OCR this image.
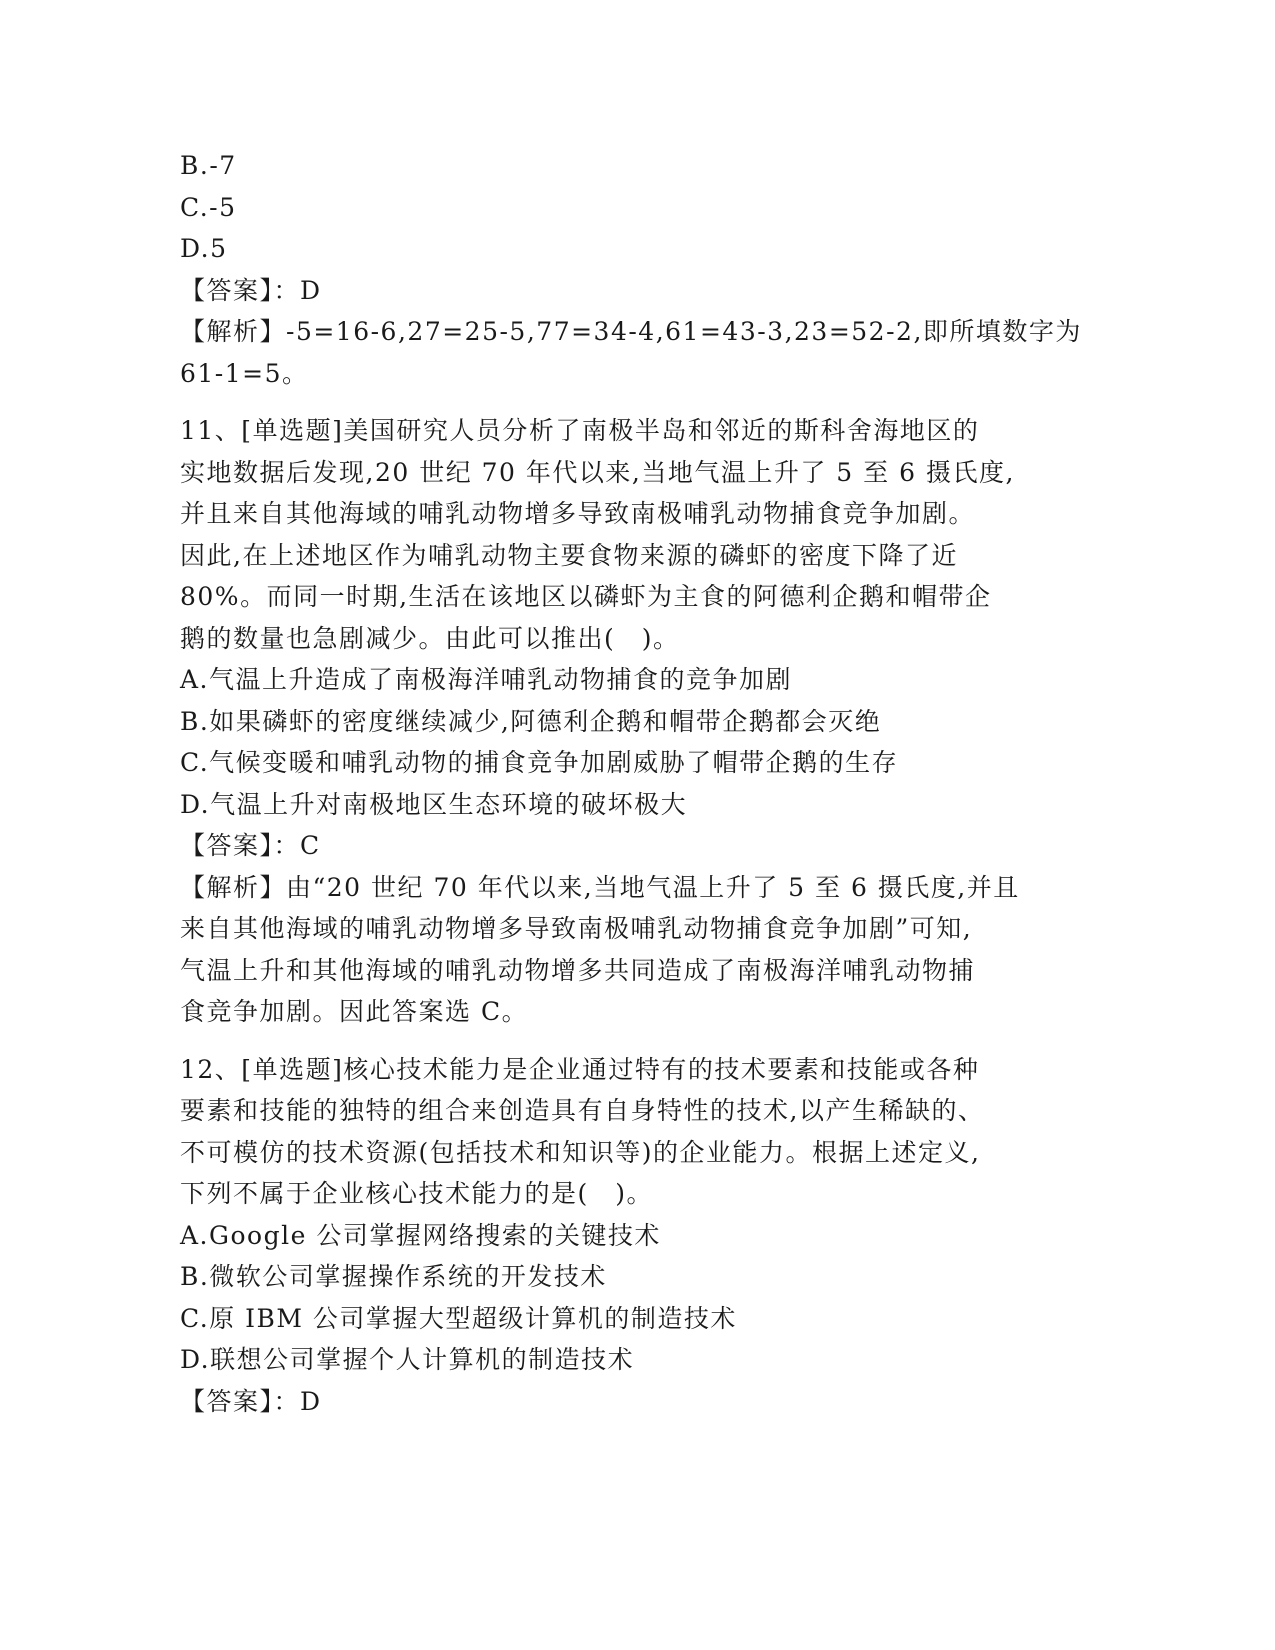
B.-7
C.-5
D.5
【答案】：D
【解析】-5=16-6,27=25-5,77=34-4,61=43-3,23=52-2,即所填数字为
61-1=5。
11、[单选题]美国研究人员分析了南极半岛和邻近的斯科舍海地区的
实地数据后发现,20 世纪 70 年代以来,当地气温上升了 5 至 6 摄氏度,
并且来自其他海域的哺乳动物增多导致南极哺乳动物捕食竞争加剧。
因此,在上述地区作为哺乳动物主要食物来源的磷虾的密度下降了近
80%。而同一时期,生活在该地区以磷虾为主食的阿德利企鹅和帽带企
鹅的数量也急剧减少。由此可以推出(　)。
A.气温上升造成了南极海洋哺乳动物捕食的竞争加剧
B.如果磷虾的密度继续减少,阿德利企鹅和帽带企鹅都会灭绝
C.气候变暖和哺乳动物的捕食竞争加剧威胁了帽带企鹅的生存
D.气温上升对南极地区生态环境的破坏极大
【答案】：C
【解析】由“20 世纪 70 年代以来,当地气温上升了 5 至 6 摄氏度,并且
来自其他海域的哺乳动物增多导致南极哺乳动物捕食竞争加剧”可知,
气温上升和其他海域的哺乳动物增多共同造成了南极海洋哺乳动物捕
食竞争加剧。因此答案选 C。
12、[单选题]核心技术能力是企业通过特有的技术要素和技能或各种
要素和技能的独特的组合来创造具有自身特性的技术,以产生稀缺的、
不可模仿的技术资源(包括技术和知识等)的企业能力。根据上述定义,
下列不属于企业核心技术能力的是(　)。
A.Google 公司掌握网络搜索的关键技术
B.微软公司掌握操作系统的开发技术
C.原 IBM 公司掌握大型超级计算机的制造技术
D.联想公司掌握个人计算机的制造技术
【答案】：D
